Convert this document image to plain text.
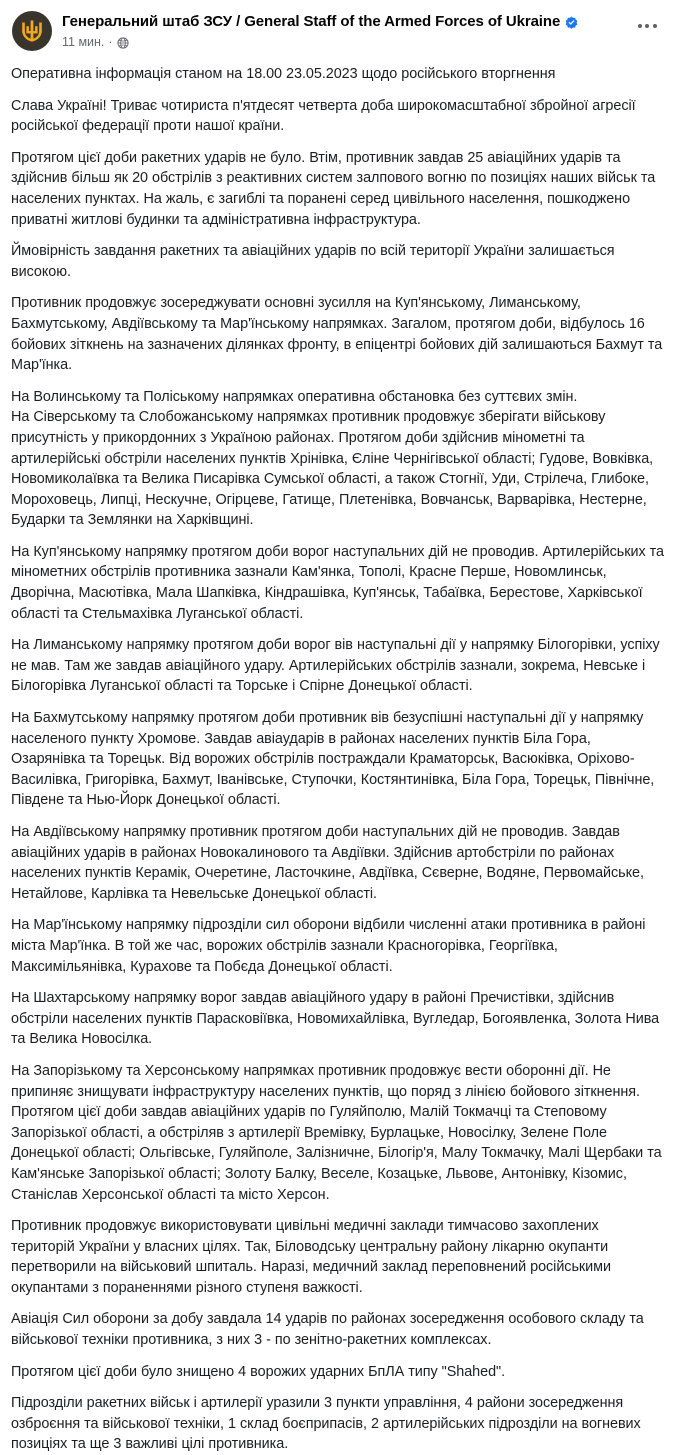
Генеральний штаб ЗСУ / General Staff of the Armed Forces of Ukraine
11 мин. ·

Оперативна інформація станом на 18.00 23.05.2023 щодо російського вторгнення

Слава Україні! Триває чотириста п'ятдесят четверта доба широкомасштабної збройної агресії російської федерації проти нашої країни.

Протягом цієї доби ракетних ударів не було. Втім, противник завдав 25 авіаційних ударів та здійснив більш як 20 обстрілів з реактивних систем залпового вогню по позиціях наших військ та населених пунктах. На жаль, є загиблі та поранені серед цивільного населення, пошкоджено приватні житлові будинки та адміністративна інфраструктура.

Ймовірність завдання ракетних та авіаційних ударів по всій території України залишається високою.

Противник продовжує зосереджувати основні зусилля на Куп'янському, Лиманському, Бахмутському, Авдіївському та Мар'їнському напрямках. Загалом, протягом доби, відбулось 16 бойових зіткнень на зазначених ділянках фронту, в епіцентрі бойових дій залишаються Бахмут та Мар'їнка.

На Волинському та Поліському напрямках оперативна обстановка без суттєвих змін.
На Сіверському та Слобожанському напрямках противник продовжує зберігати військову присутність у прикордонних з Україною районах. Протягом доби здійснив мінометні та артилерійські обстріли населених пунктів Хрінівка, Єліне Чернігівської області; Гудове, Вовківка, Новомиколаївка та Велика Писарівка Сумської області, а також Стогнії, Уди, Стрілеча, Глибоке, Мороховець, Липці, Нескучне, Огірцеве, Гатище, Плетенівка, Вовчанськ, Варварівка, Нестерне, Бударки та Землянки на Харківщині.

На Куп'янському напрямку протягом доби ворог наступальних дій не проводив. Артилерійських та мінометних обстрілів противника зазнали Кам'янка, Тополі, Красне Перше, Новомлинськ, Дворічна, Масютівка, Мала Шапківка, Кіндрашівка, Куп'янськ, Табаївка, Берестове, Харківської області та Стельмахівка Луганської області.

На Лиманському напрямку протягом доби ворог вів наступальні дії у напрямку Білогорівки, успіху не мав. Там же завдав авіаційного удару. Артилерійських обстрілів зазнали, зокрема, Невське і Білогорівка Луганської області та Торське і Спірне Донецької області.

На Бахмутському напрямку протягом доби противник вів безуспішні наступальні дії у напрямку населеного пункту Хромове. Завдав авіаударів в районах населених пунктів Біла Гора, Озарянівка та Торецьк. Від ворожих обстрілів постраждали Краматорськ, Васюківка, Оріхово-Василівка, Григорівка, Бахмут, Іванівське, Ступочки, Костянтинівка, Біла Гора, Торецьк, Північне, Південе та Нью-Йорк Донецької області.

На Авдіївському напрямку противник протягом доби наступальних дій не проводив. Завдав авіаційних ударів в районах Новокалинового та Авдіївки. Здійснив артобстріли по районах населених пунктів Керамік, Очеретине, Ласточкине, Авдіївка, Сєверне, Водяне, Первомайське, Нетайлове, Карлівка та Невельське Донецької області.

На Мар'їнському напрямку підрозділи сил оборони відбили численні атаки противника в районі міста Мар'їнка. В той же час, ворожих обстрілів зазнали Красногорівка, Георгіївка, Максимільянівка, Курахове та Побєда Донецької області.

На Шахтарському напрямку ворог завдав авіаційного удару в районі Пречистівки, здійснив обстріли населених пунктів Парасковіївка, Новомихайлівка, Вугледар, Богоявленка, Золота Нива та Велика Новосілка.

На Запорізькому та Херсонському напрямках противник продовжує вести оборонні дії. Не припиняє знищувати інфраструктуру населених пунктів, що поряд з лінією бойового зіткнення. Протягом цієї доби завдав авіаційних ударів по Гуляйполю, Малій Токмачці та Степовому Запорізької області, а обстріляв з артилерії Времівку, Бурлацьке, Новосілку, Зелене Поле Донецької області; Ольгівське, Гуляйполе, Залізничне, Білогір'я, Малу Токмачку, Малі Щербаки та Кам'янське Запорізької області; Золоту Балку, Веселе, Козацьке, Львове, Антонівку, Кізомис, Станіслав Херсонської області та місто Херсон.

Противник продовжує використовувати цивільні медичні заклади тимчасово захоплених територій України у власних цілях. Так, Біловодську центральну району лікарню окупанти перетворили на військовий шпиталь. Наразі, медичний заклад переповнений російськими окупантами з пораненнями різного ступеня важкості.

Авіація Сил оборони за добу завдала 14 ударів по районах зосередження особового складу та військової техніки противника, з них 3 - по зенітно-ракетних комплексах.

Протягом цієї доби було знищено 4 ворожих ударних БпЛА типу "Shahed".

Підрозділи ракетних військ і артилерії уразили 3 пункти управління, 4 райони зосередження озброєння та військової техніки, 1 склад боєприпасів, 2 артилерійських підрозділи на вогневих позиціях та ще 3 важливі цілі противника.
